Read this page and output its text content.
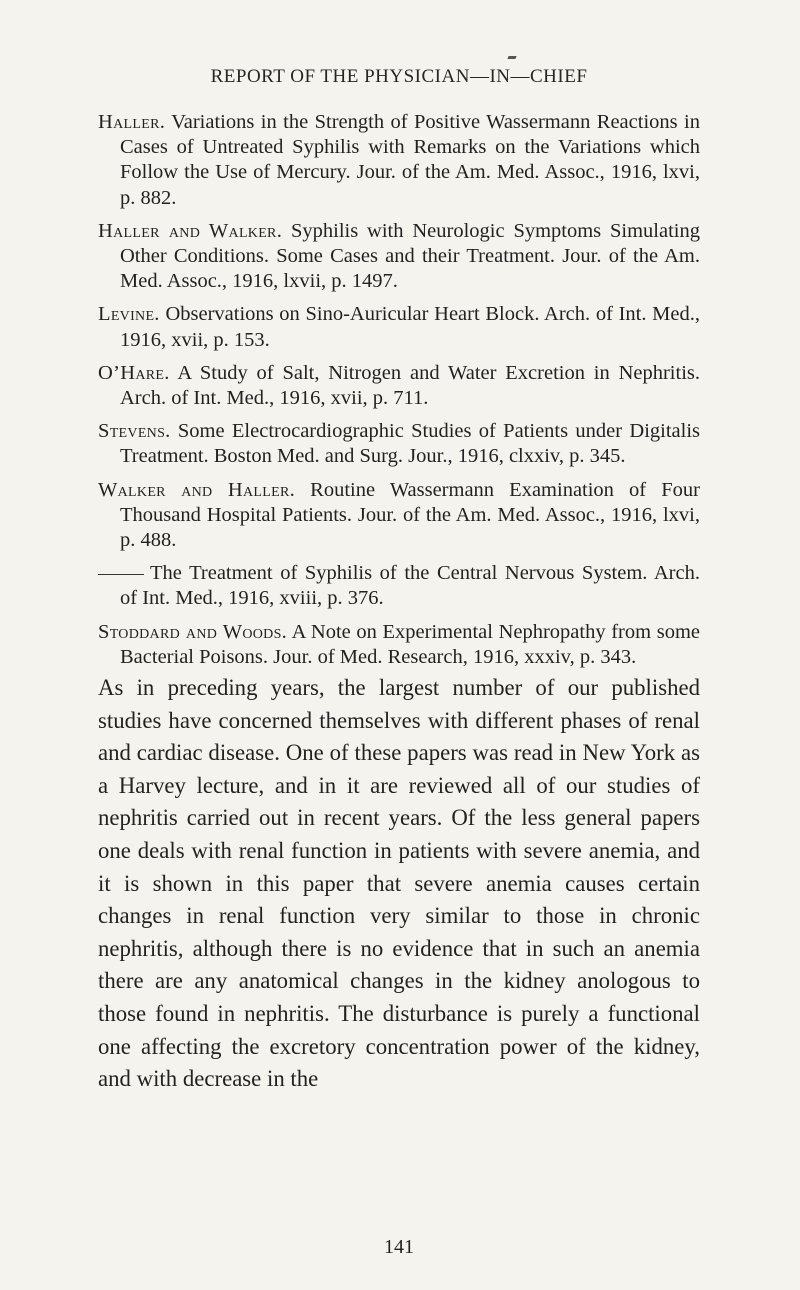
REPORT OF THE PHYSICIAN—IN—CHIEF

Haller. Variations in the Strength of Positive Wassermann Reactions in Cases of Untreated Syphilis with Remarks on the Variations which Follow the Use of Mercury. Jour. of the Am. Med. Assoc., 1916, lxvi, p. 882.

Haller and Walker. Syphilis with Neurologic Symptoms Simulating Other Conditions. Some Cases and their Treatment. Jour. of the Am. Med. Assoc., 1916, lxvii, p. 1497.

Levine. Observations on Sino-Auricular Heart Block. Arch. of Int. Med., 1916, xvii, p. 153.

O’Hare. A Study of Salt, Nitrogen and Water Excretion in Nephritis. Arch. of Int. Med., 1916, xvii, p. 711.

Stevens. Some Electrocardiographic Studies of Patients under Digitalis Treatment. Boston Med. and Surg. Jour., 1916, clxxiv, p. 345.

Walker and Haller. Routine Wassermann Examination of Four Thousand Hospital Patients. Jour. of the Am. Med. Assoc., 1916, lxvi, p. 488.

The Treatment of Syphilis of the Central Nervous System. Arch. of Int. Med., 1916, xviii, p. 376.

Stoddard and Woods. A Note on Experimental Nephropathy from some Bacterial Poisons. Jour. of Med. Research, 1916, xxxiv, p. 343.

As in preceding years, the largest number of our published studies have concerned themselves with different phases of renal and cardiac disease. One of these papers was read in New York as a Harvey lecture, and in it are reviewed all of our studies of nephritis carried out in recent years. Of the less general papers one deals with renal function in patients with severe anemia, and it is shown in this paper that severe anemia causes certain changes in renal function very similar to those in chronic nephritis, although there is no evidence that in such an anemia there are any anatomical changes in the kidney anologous to those found in nephritis. The disturbance is purely a functional one affecting the excretory concentration power of the kidney, and with decrease in the

141
